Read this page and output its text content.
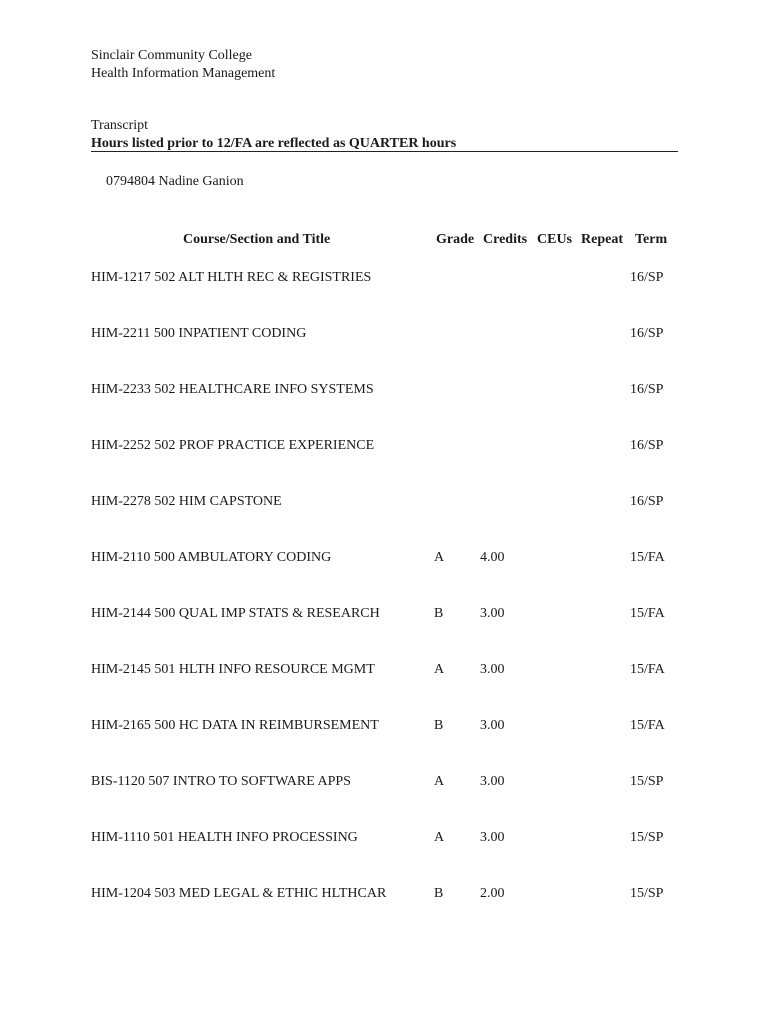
Sinclair Community College
Health Information Management
Transcript
Hours listed prior to 12/FA are reflected as QUARTER hours
0794804 Nadine Ganion
Course/Section and Title	Grade Credits CEUs Repeat Term
HIM-1217 502 ALT HLTH REC & REGISTRIES	16/SP
HIM-2211 500 INPATIENT CODING	16/SP
HIM-2233 502 HEALTHCARE INFO SYSTEMS	16/SP
HIM-2252 502 PROF PRACTICE EXPERIENCE	16/SP
HIM-2278 502 HIM CAPSTONE	16/SP
HIM-2110 500 AMBULATORY CODING	A	4.00	15/FA
HIM-2144 500 QUAL IMP STATS & RESEARCH	B	3.00	15/FA
HIM-2145 501 HLTH INFO RESOURCE MGMT	A	3.00	15/FA
HIM-2165 500 HC DATA IN REIMBURSEMENT	B	3.00	15/FA
BIS-1120 507 INTRO TO SOFTWARE APPS	A	3.00	15/SP
HIM-1110 501 HEALTH INFO PROCESSING	A	3.00	15/SP
HIM-1204 503 MED LEGAL & ETHIC HLTHCAR	B	2.00	15/SP
